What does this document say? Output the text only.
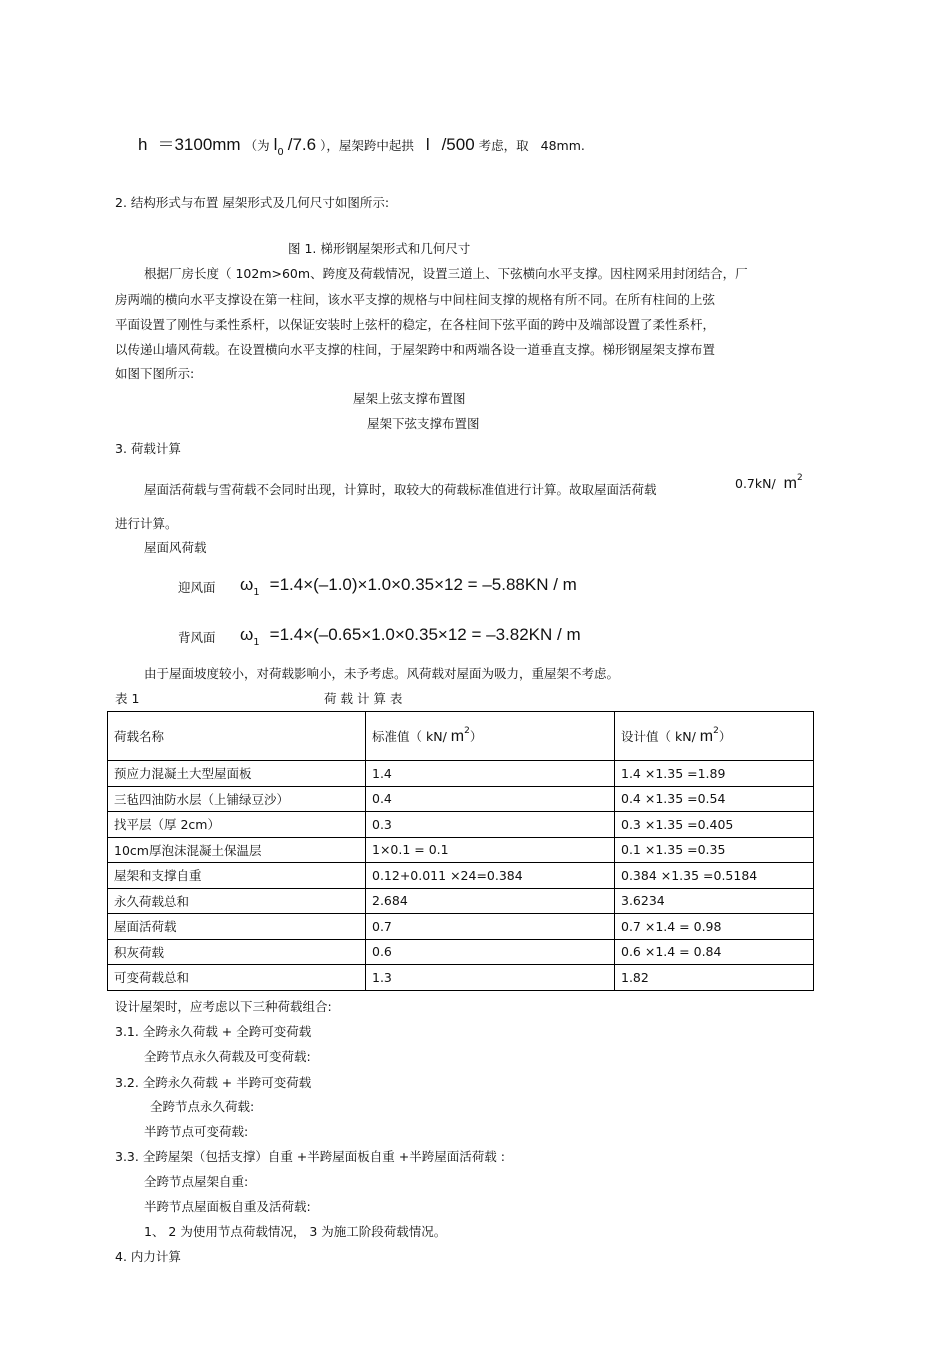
h ＝3100mm （为 $l_0$ /7.6 ），屋架跨中起拱 l /500 考虑，取 48mm.
2. 结构形式与布置 屋架形式及几何尺寸如图所示:
图 1. 梯形钢屋架形式和几何尺寸
根据厂房长度（ 102m>60m、跨度及荷载情况，设置三道上、下弦横向水平支撑。因柱网采用封闭结合，厂
房两端的横向水平支撑设在第一柱间，该水平支撑的规格与中间柱间支撑的规格有所不同。在所有柱间的上弦
平面设置了刚性与柔性系杆，以保证安装时上弦杆的稳定，在各柱间下弦平面的跨中及端部设置了柔性系杆，
以传递山墙风荷载。在设置横向水平支撑的柱间，于屋架跨中和两端各设一道垂直支撑。梯形钢屋架支撑布置
如图下图所示:
屋架上弦支撑布置图
屋架下弦支撑布置图
3. 荷载计算
屋面活荷载与雪荷载不会同时出现，计算时，取较大的荷载标准值进行计算。故取屋面活荷载	0.7kN/ $m^2$
进行计算。
屋面风荷载
迎风面 $\omega_1 =1.4\times(-1.0)\times 1.0\times 0.35\times 12 = -5.88KN / m$
背风面 $\omega_1 =1.4\times(-0.65\times 1.0\times 0.35\times 12 = -3.82KN / m$
由于屋面坡度较小，对荷载影响小，未予考虑。风荷载对屋面为吸力，重屋架不考虑。
表 1	荷 载 计 算 表
荷载名称	标准值（ kN/ $m^2$）	设计值（ kN/ $m^2$）
预应力混凝土大型屋面板	1.4	1.4 ×1.35 =1.89
三毡四油防水层（上铺绿豆沙）	0.4	0.4 ×1.35 =0.54
找平层（厚 2cm）	0.3	0.3 ×1.35 =0.405
10cm厚泡沫混凝土保温层	1×0.1 = 0.1	0.1 ×1.35 =0.35
屋架和支撑自重	0.12+0.011 ×24=0.384	0.384 ×1.35 =0.5184
永久荷载总和	2.684	3.6234
屋面活荷载	0.7	0.7 ×1.4 = 0.98
积灰荷载	0.6	0.6 ×1.4 = 0.84
可变荷载总和	1.3	1.82
设计屋架时，应考虑以下三种荷载组合:
3.1. 全跨永久荷载 + 全跨可变荷载
全跨节点永久荷载及可变荷载:
3.2. 全跨永久荷载 + 半跨可变荷载
全跨节点永久荷载:
半跨节点可变荷载:
3.3. 全跨屋架（包括支撑）自重 +半跨屋面板自重 +半跨屋面活荷载 :
全跨节点屋架自重:
半跨节点屋面板自重及活荷载:
1、 2 为使用节点荷载情况， 3 为施工阶段荷载情况。
4. 内力计算
